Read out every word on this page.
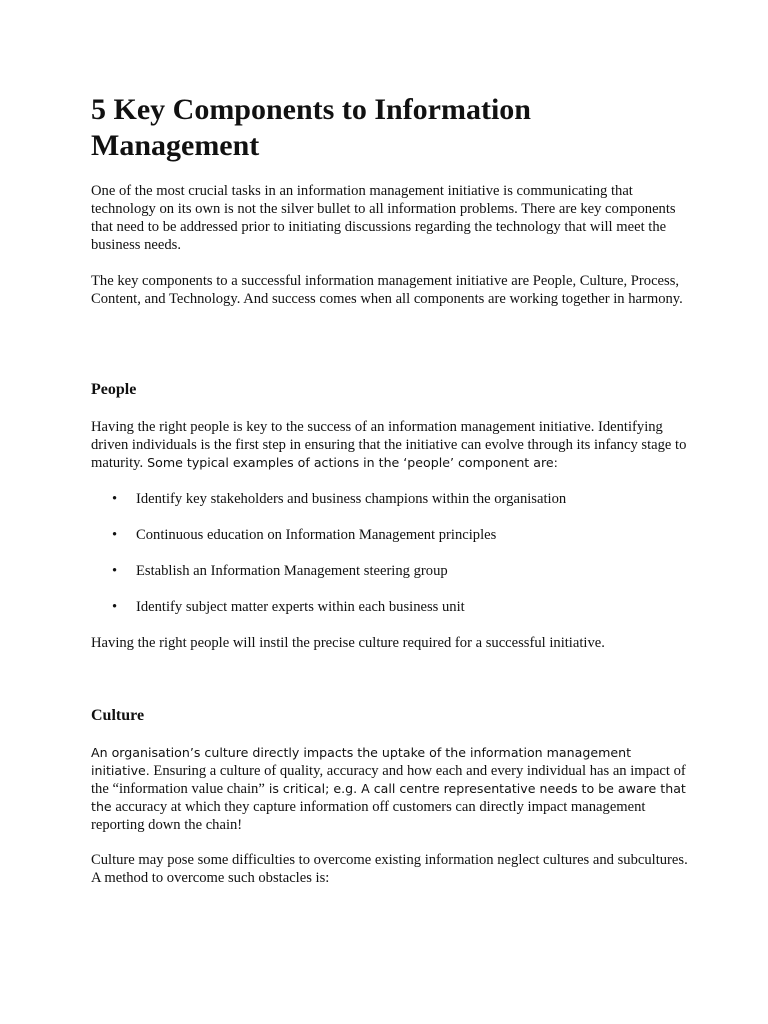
5 Key Components to Information Management

One of the most crucial tasks in an information management initiative is communicating that technology on its own is not the silver bullet to all information problems. There are key components that need to be addressed prior to initiating discussions regarding the technology that will meet the business needs.

The key components to a successful information management initiative are People, Culture, Process, Content, and Technology. And success comes when all components are working together in harmony.

People

Having the right people is key to the success of an information management initiative. Identifying driven individuals is the first step in ensuring that the initiative can evolve through its infancy stage to maturity. Some typical examples of actions in the ‘people’ component are:

• Identify key stakeholders and business champions within the organisation
• Continuous education on Information Management principles
• Establish an Information Management steering group
• Identify subject matter experts within each business unit

Having the right people will instil the precise culture required for a successful initiative.

Culture

An organisation’s culture directly impacts the uptake of the information management initiative. Ensuring a culture of quality, accuracy and how each and every individual has an impact of the “information value chain” is critical; e.g. A call centre representative needs to be aware that the accuracy at which they capture information off customers can directly impact management reporting down the chain!

Culture may pose some difficulties to overcome existing information neglect cultures and subcultures. A method to overcome such obstacles is:
